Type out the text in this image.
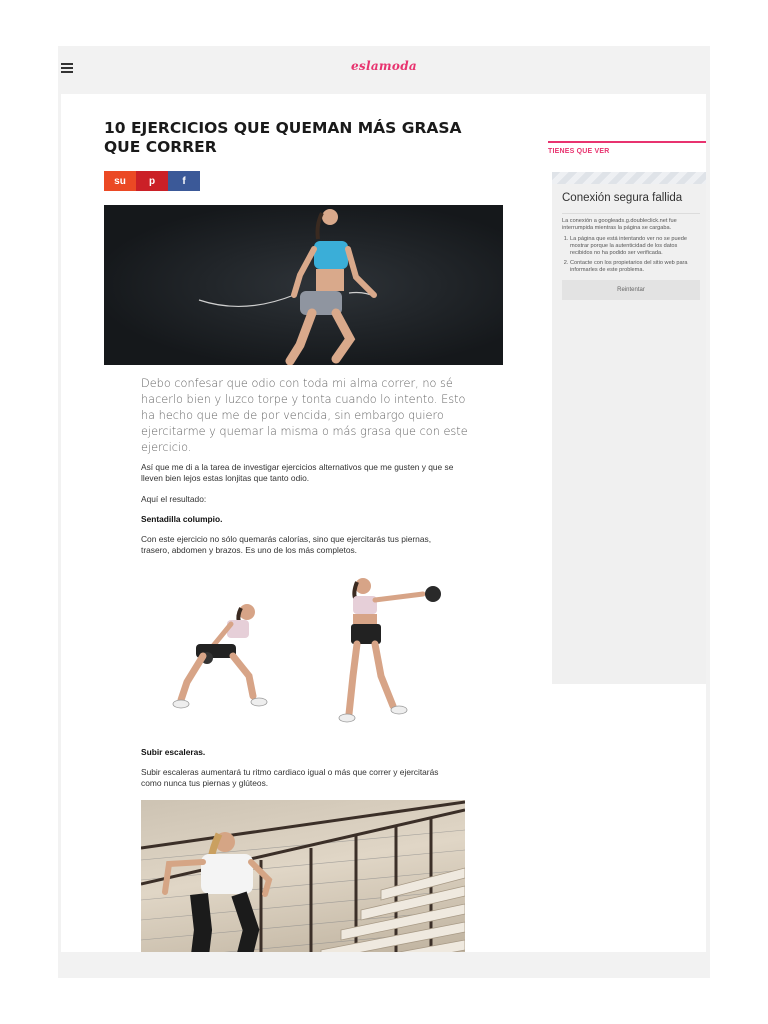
eslamoda
10 EJERCICIOS QUE QUEMAN MÁS GRASA QUE CORRER
su p	f

Debo confesar que odio con toda mi alma correr, no sé hacerlo bien y luzco torpe y tonta cuando lo intento. Esto ha hecho que me de por vencida, sin embargo quiero ejercitarme y quemar la misma o más grasa que con este ejercicio.

Así que me di a la tarea de investigar ejercicios alternativos que me gusten y que se lleven bien lejos estas lonjitas que tanto odio.

Aquí el resultado:

Sentadilla columpio.

Con este ejercicio no sólo quemarás calorías, sino que ejercitarás tus piernas, trasero, abdomen y brazos. Es uno de los más completos.

Subir escaleras.

Subir escaleras aumentará tu ritmo cardiaco igual o más que correr y ejercitarás como nunca tus piernas y glúteos.

TIENES QUE VER
Conexión segura fallida
La conexión a googleads.g.doubleclick.net fue interrumpida mientras la página se cargaba.
1. La página que está intentando ver no se puede mostrar porque la autenticidad de los datos recibidos no ha podido ser verificada.
2. Contacte con los propietarios del sitio web para informarles de este problema.
Reintentar
